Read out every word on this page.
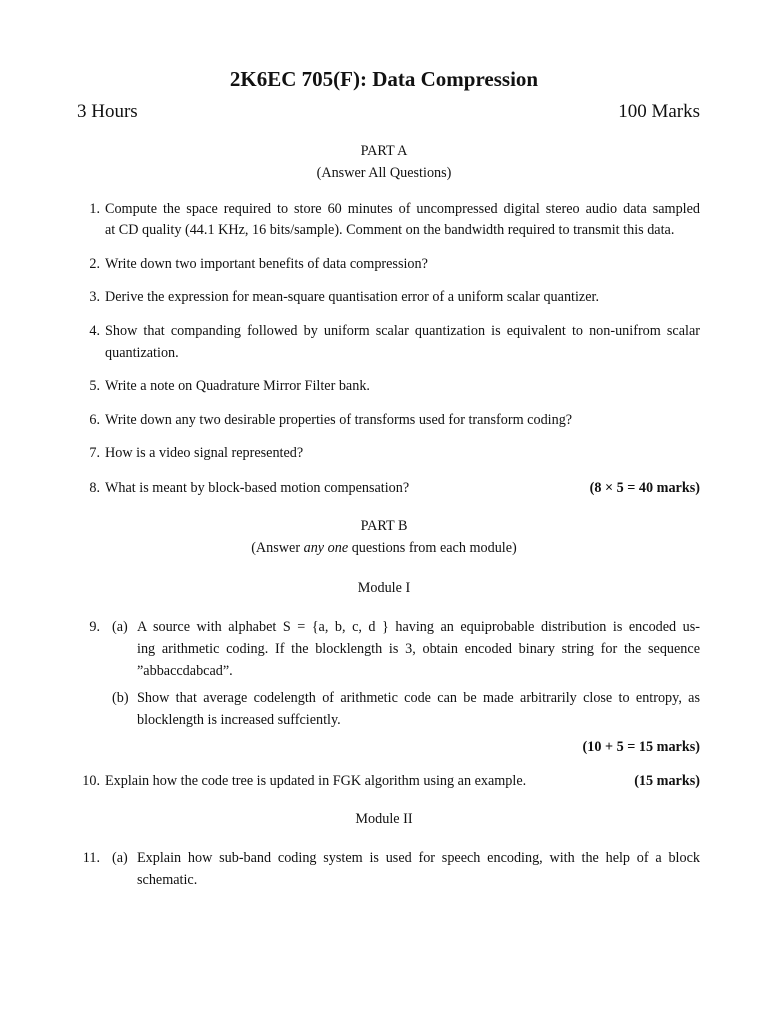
2K6EC 705(F): Data Compression
3 Hours	100 Marks
PART A
(Answer All Questions)
1. Compute the space required to store 60 minutes of uncompressed digital stereo audio data sampled
at CD quality (44.1 KHz, 16 bits/sample). Comment on the bandwidth required to transmit this data.
2. Write down two important benefits of data compression?
3. Derive the expression for mean-square quantisation error of a uniform scalar quantizer.
4. Show that companding followed by uniform scalar quantization is equivalent to non-unifrom scalar
quantization.
5. Write a note on Quadrature Mirror Filter bank.
6. Write down any two desirable properties of transforms used for transform coding?
7. How is a video signal represented?
8. What is meant by block-based motion compensation?	(8 × 5 = 40 marks)
PART B
(Answer any one questions from each module)
Module I
9. (a) A source with alphabet S = {a, b, c, d } having an equiprobable distribution is encoded us-
ing arithmetic coding. If the blocklength is 3, obtain encoded binary string for the sequence
”abbaccdabcad”.
(b) Show that average codelength of arithmetic code can be made arbitrarily close to entropy, as
blocklength is increased suffciently.
(10 + 5 = 15 marks)
10. Explain how the code tree is updated in FGK algorithm using an example.	(15 marks)
Module II
11. (a) Explain how sub-band coding system is used for speech encoding, with the help of a block
schematic.
